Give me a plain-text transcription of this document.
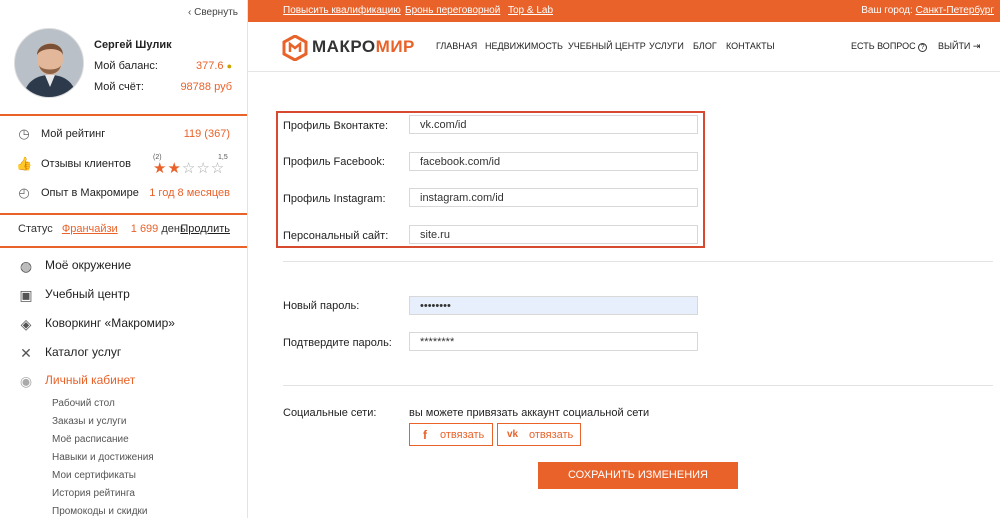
‹ Свернуть
Сергей Шулик
Мой баланс:	377.6 ●
Мой счёт:	98788 руб
◷ Мой рейтинг	119 (367)
👍 Отзывы клиентов
(2)
★★☆☆☆
1,5
◴ Опыт в Макромире 1 год 8 месяцев
Статус Франчайзи 1 699 день
Продлить
◍ Моё окружение
▣ Учебный центр
◈	Коворкинг «Макромир»
✕ Каталог услуг
◉ Личный кабинет
Рабочий стол
Заказы и услуги
Моё расписание
Навыки и достижения
Мои сертификаты
История рейтинга
Промокоды и скидки
Повысить квалификацию Бронь переговорной Top & Lab	Ваш город: Санкт-Петербург
МАКРОМИР ГЛАВНАЯ НЕДВИЖИМОСТЬ УЧЕБНЫЙ ЦЕНТР УСЛУГИ БЛОГ КОНТАКТЫ	ЕСТЬ ВОПРОС ? ВЫЙТИ ⇥
Профиль Вконтакте:
vk.com/id
Профиль Facebook:
facebook.com/id
Профиль Instagram:
instagram.com/id
Персональный сайт:
site.ru
Новый пароль:
••••••••
Подтвердите пароль:
********
Социальные сети:	вы можете привязать аккаунт социальной сети
f отвязать vk отвязать
СОХРАНИТЬ ИЗМЕНЕНИЯ
